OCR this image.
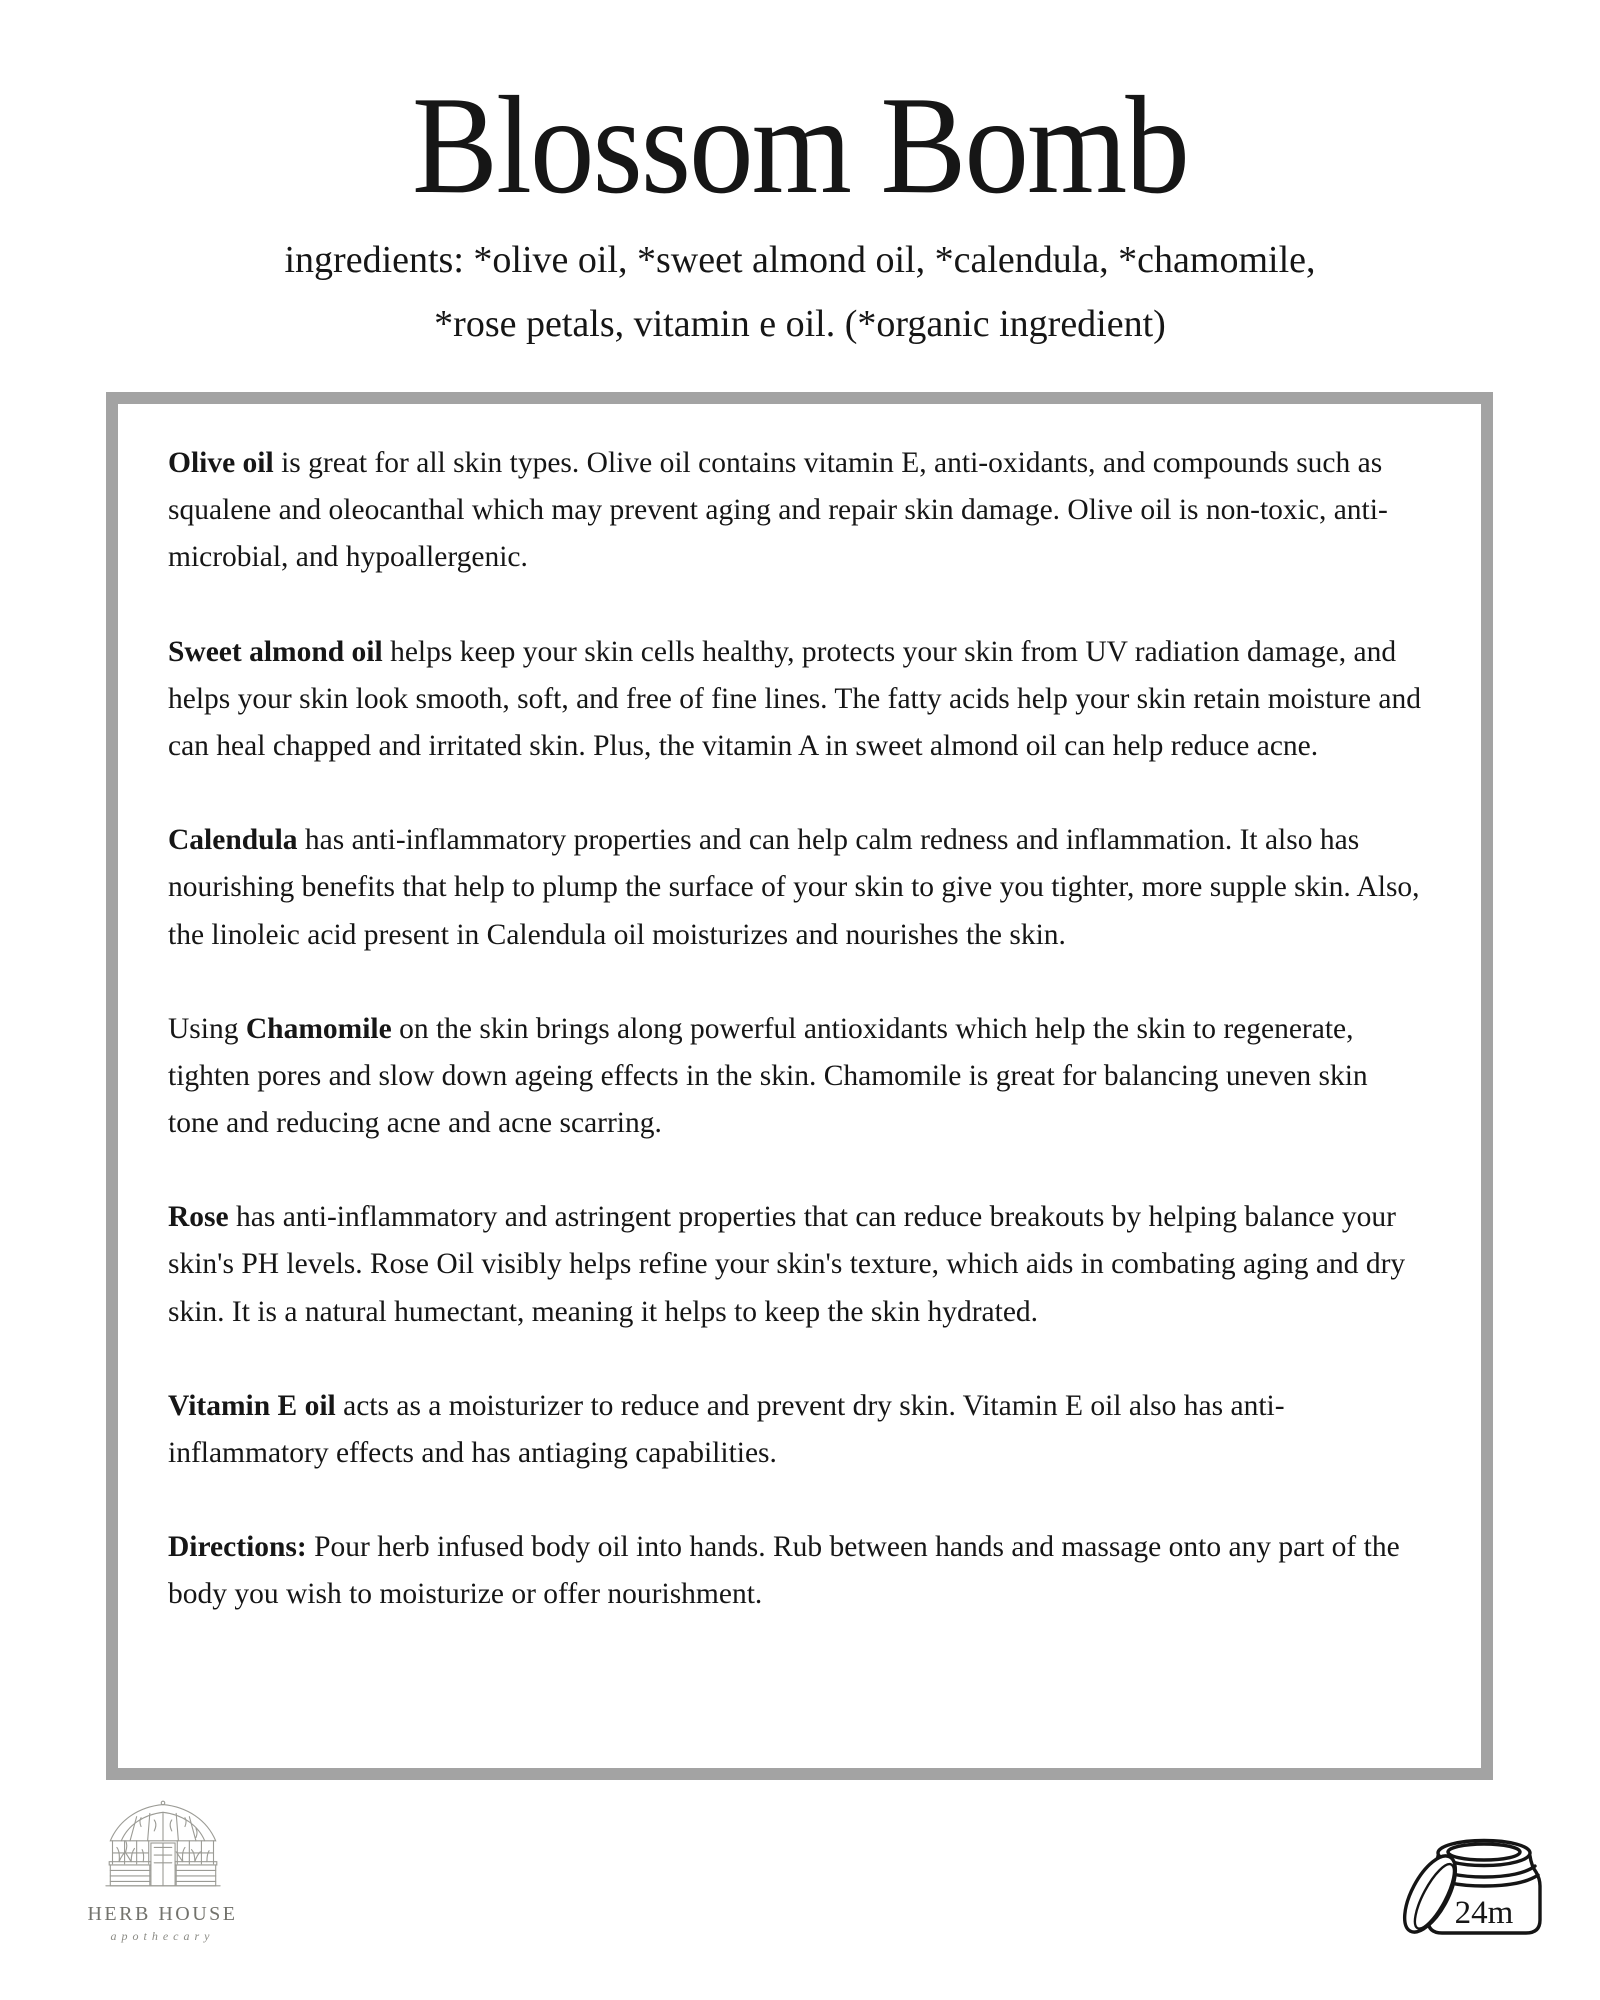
Blossom Bomb

ingredients: *olive oil, *sweet almond oil, *calendula, *chamomile,
*rose petals, vitamin e oil. (*organic ingredient)

Olive oil is great for all skin types. Olive oil contains vitamin E, anti-oxidants, and compounds such as squalene and oleocanthal which may prevent aging and repair skin damage. Olive oil is non-toxic, anti-microbial, and hypoallergenic.

Sweet almond oil helps keep your skin cells healthy, protects your skin from UV radiation damage, and helps your skin look smooth, soft, and free of fine lines. The fatty acids help your skin retain moisture and can heal chapped and irritated skin. Plus, the vitamin A in sweet almond oil can help reduce acne.

Calendula has anti-inflammatory properties and can help calm redness and inflammation. It also has nourishing benefits that help to plump the surface of your skin to give you tighter, more supple skin. Also, the linoleic acid present in Calendula oil moisturizes and nourishes the skin.

Using Chamomile on the skin brings along powerful antioxidants which help the skin to regenerate, tighten pores and slow down ageing effects in the skin. Chamomile is great for balancing uneven skin tone and reducing acne and acne scarring.

Rose has anti-inflammatory and astringent properties that can reduce breakouts by helping balance your skin's PH levels. Rose Oil visibly helps refine your skin's texture, which aids in combating aging and dry skin. It is a natural humectant, meaning it helps to keep the skin hydrated.

Vitamin E oil acts as a moisturizer to reduce and prevent dry skin. Vitamin E oil also has anti-inflammatory effects and has antiaging capabilities.

Directions: Pour herb infused body oil into hands. Rub between hands and massage onto any part of the body you wish to moisturize or offer nourishment.

HERB HOUSE
apothecary
24m
